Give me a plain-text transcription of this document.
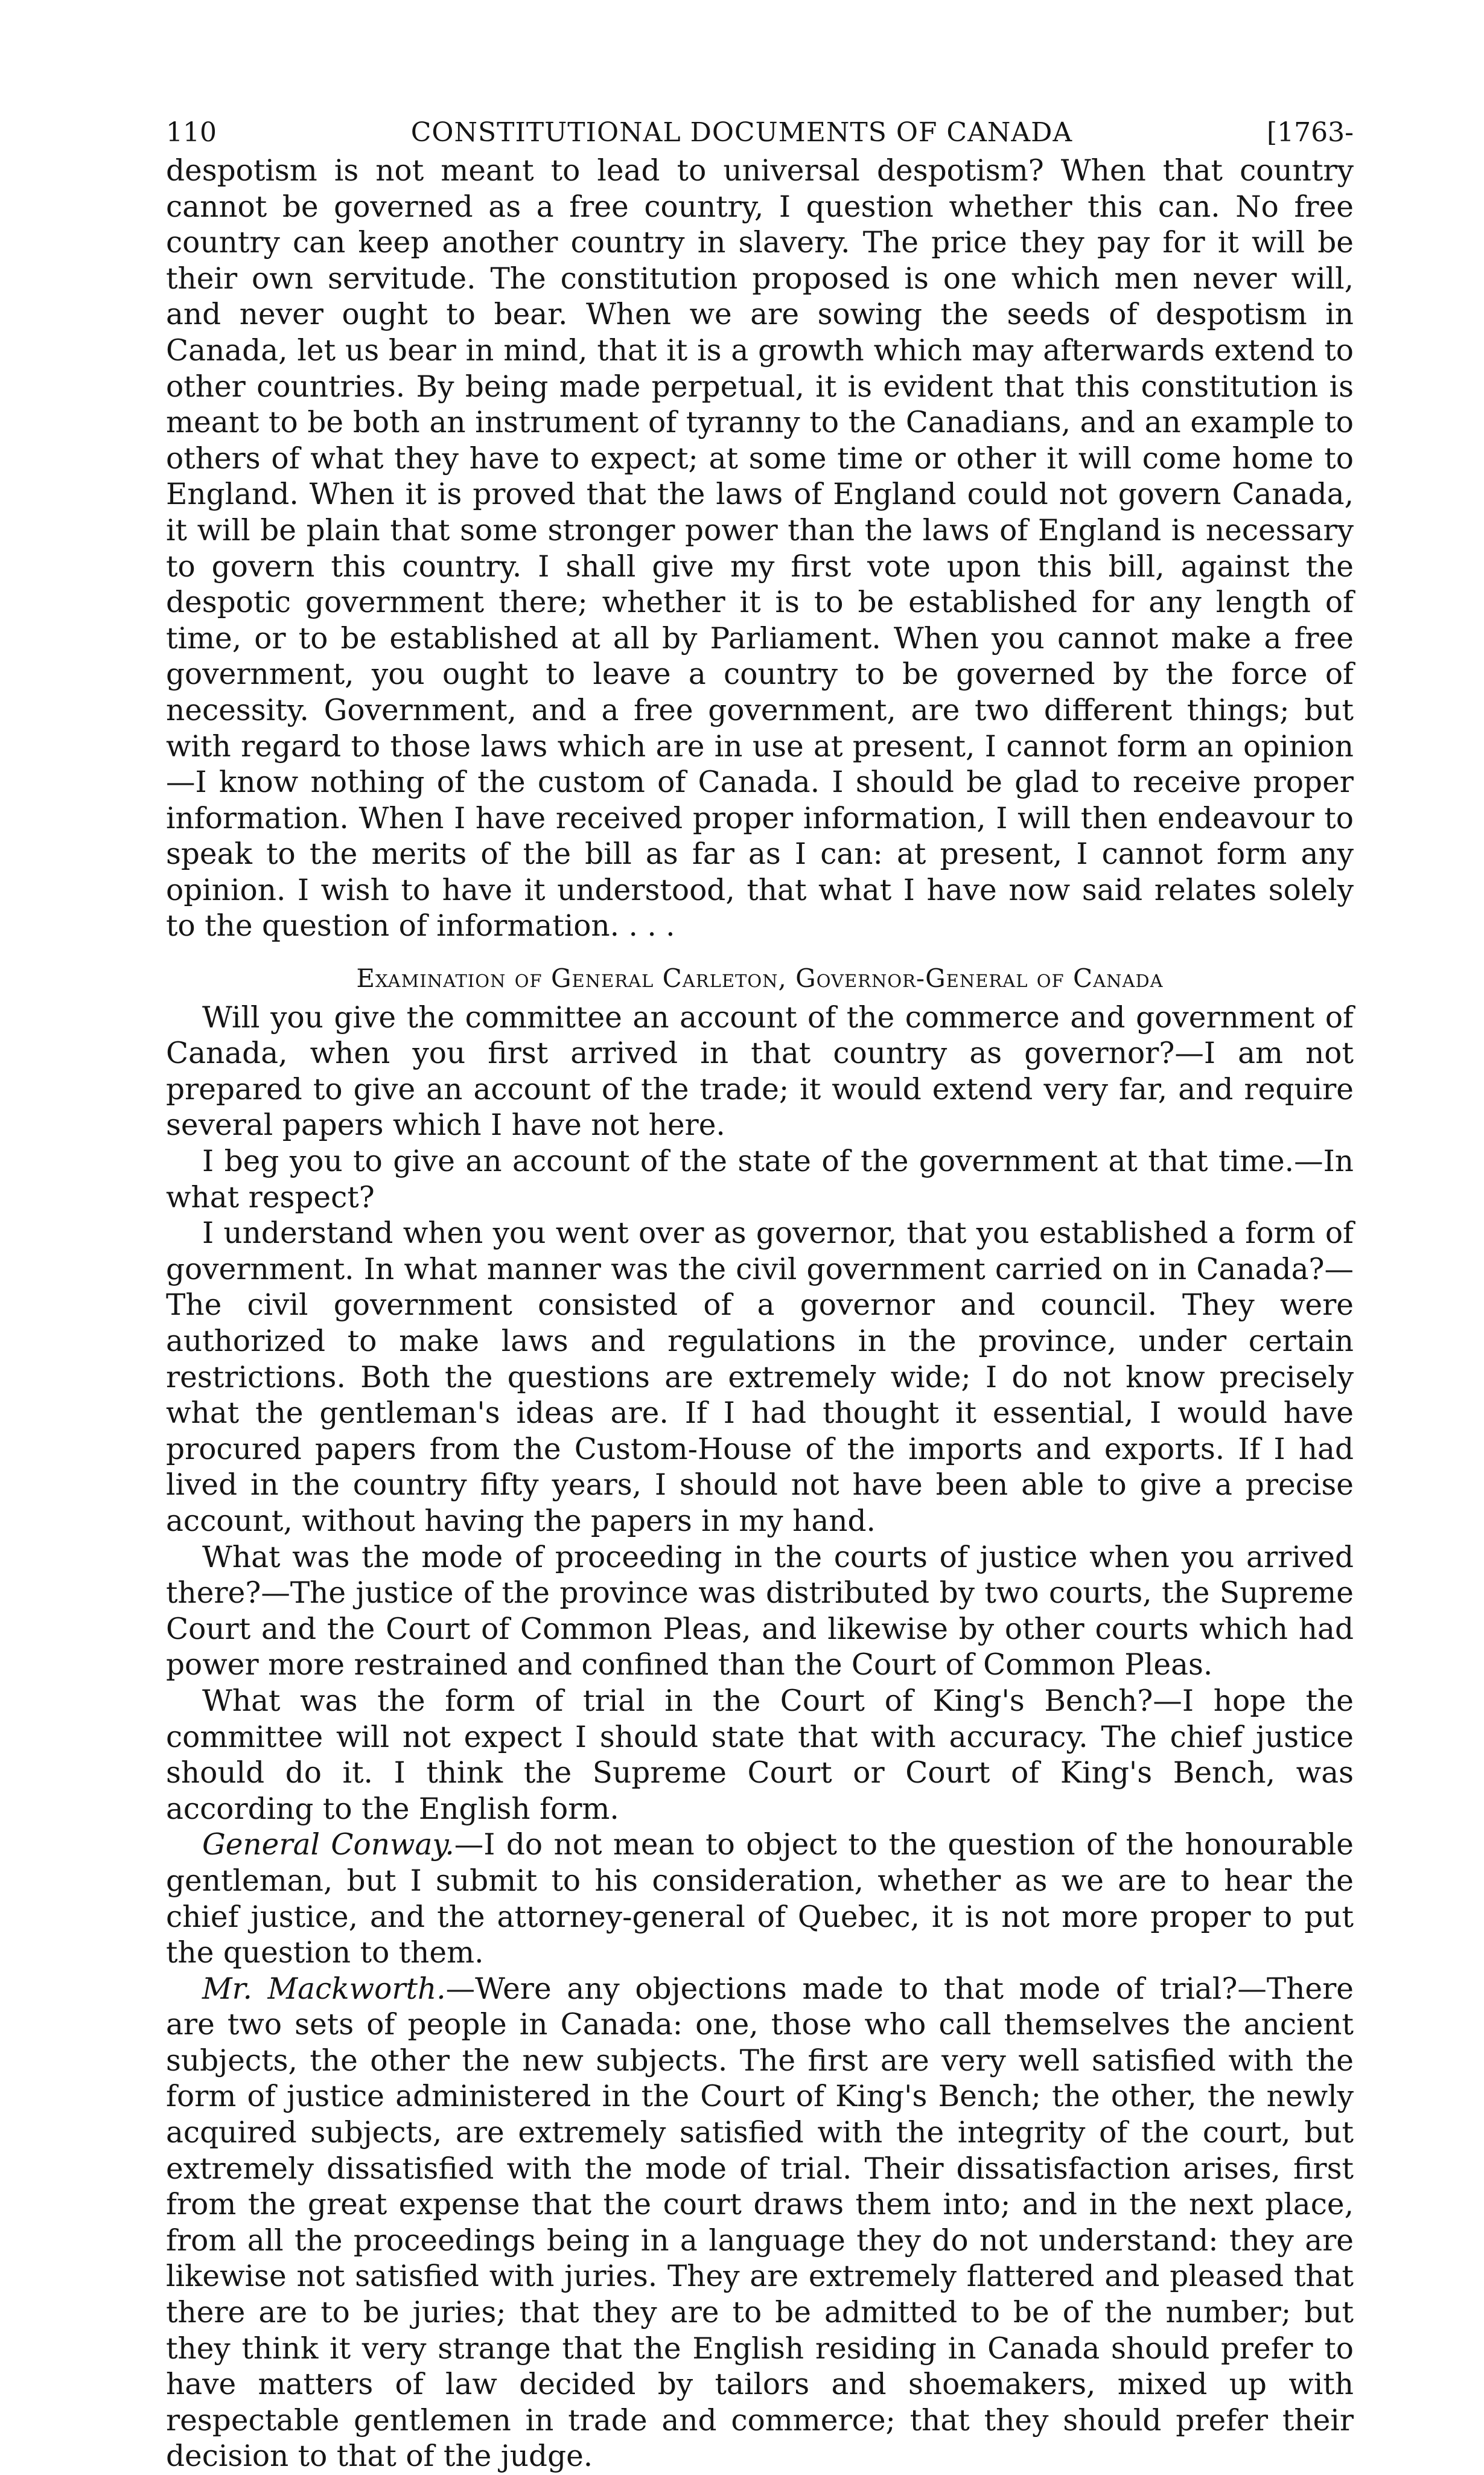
110	CONSTITUTIONAL DOCUMENTS OF CANADA	[1763-

despotism is not meant to lead to universal despotism? When that country cannot be governed as a free country, I question whether this can. No free country can keep another country in slavery. The price they pay for it will be their own servitude. The constitution proposed is one which men never will, and never ought to bear. When we are sowing the seeds of despotism in Canada, let us bear in mind, that it is a growth which may afterwards extend to other countries. By being made perpetual, it is evident that this constitution is meant to be both an instrument of tyranny to the Canadians, and an example to others of what they have to expect; at some time or other it will come home to England. When it is proved that the laws of England could not govern Canada, it will be plain that some stronger power than the laws of England is necessary to govern this country. I shall give my first vote upon this bill, against the despotic government there; whether it is to be established for any length of time, or to be established at all by Parliament. When you cannot make a free government, you ought to leave a country to be governed by the force of necessity. Government, and a free government, are two different things; but with regard to those laws which are in use at present, I cannot form an opinion—I know nothing of the custom of Canada. I should be glad to receive proper information. When I have received proper information, I will then endeavour to speak to the merits of the bill as far as I can: at present, I cannot form any opinion. I wish to have it understood, that what I have now said relates solely to the question of information. . . .

Examination of General Carleton, Governor-General of Canada

Will you give the committee an account of the commerce and government of Canada, when you first arrived in that country as governor?—I am not prepared to give an account of the trade; it would extend very far, and require several papers which I have not here.

I beg you to give an account of the state of the government at that time.—In what respect?

I understand when you went over as governor, that you established a form of government. In what manner was the civil government carried on in Canada?—The civil government consisted of a governor and council. They were authorized to make laws and regulations in the province, under certain restrictions. Both the questions are extremely wide; I do not know precisely what the gentleman's ideas are. If I had thought it essential, I would have procured papers from the Custom-House of the imports and exports. If I had lived in the country fifty years, I should not have been able to give a precise account, without having the papers in my hand.

What was the mode of proceeding in the courts of justice when you arrived there?—The justice of the province was distributed by two courts, the Supreme Court and the Court of Common Pleas, and likewise by other courts which had power more restrained and confined than the Court of Common Pleas.

What was the form of trial in the Court of King's Bench?—I hope the committee will not expect I should state that with accuracy. The chief justice should do it. I think the Supreme Court or Court of King's Bench, was according to the English form.

General Conway.—I do not mean to object to the question of the honourable gentleman, but I submit to his consideration, whether as we are to hear the chief justice, and the attorney-general of Quebec, it is not more proper to put the question to them.

Mr. Mackworth.—Were any objections made to that mode of trial?—There are two sets of people in Canada: one, those who call themselves the ancient subjects, the other the new subjects. The first are very well satisfied with the form of justice administered in the Court of King's Bench; the other, the newly acquired subjects, are extremely satisfied with the integrity of the court, but extremely dissatisfied with the mode of trial. Their dissatisfaction arises, first from the great expense that the court draws them into; and in the next place, from all the proceedings being in a language they do not understand: they are likewise not satisfied with juries. They are extremely flattered and pleased that there are to be juries; that they are to be admitted to be of the number; but they think it very strange that the English residing in Canada should prefer to have matters of law decided by tailors and shoemakers, mixed up with respectable gentlemen in trade and commerce; that they should prefer their decision to that of the judge.
